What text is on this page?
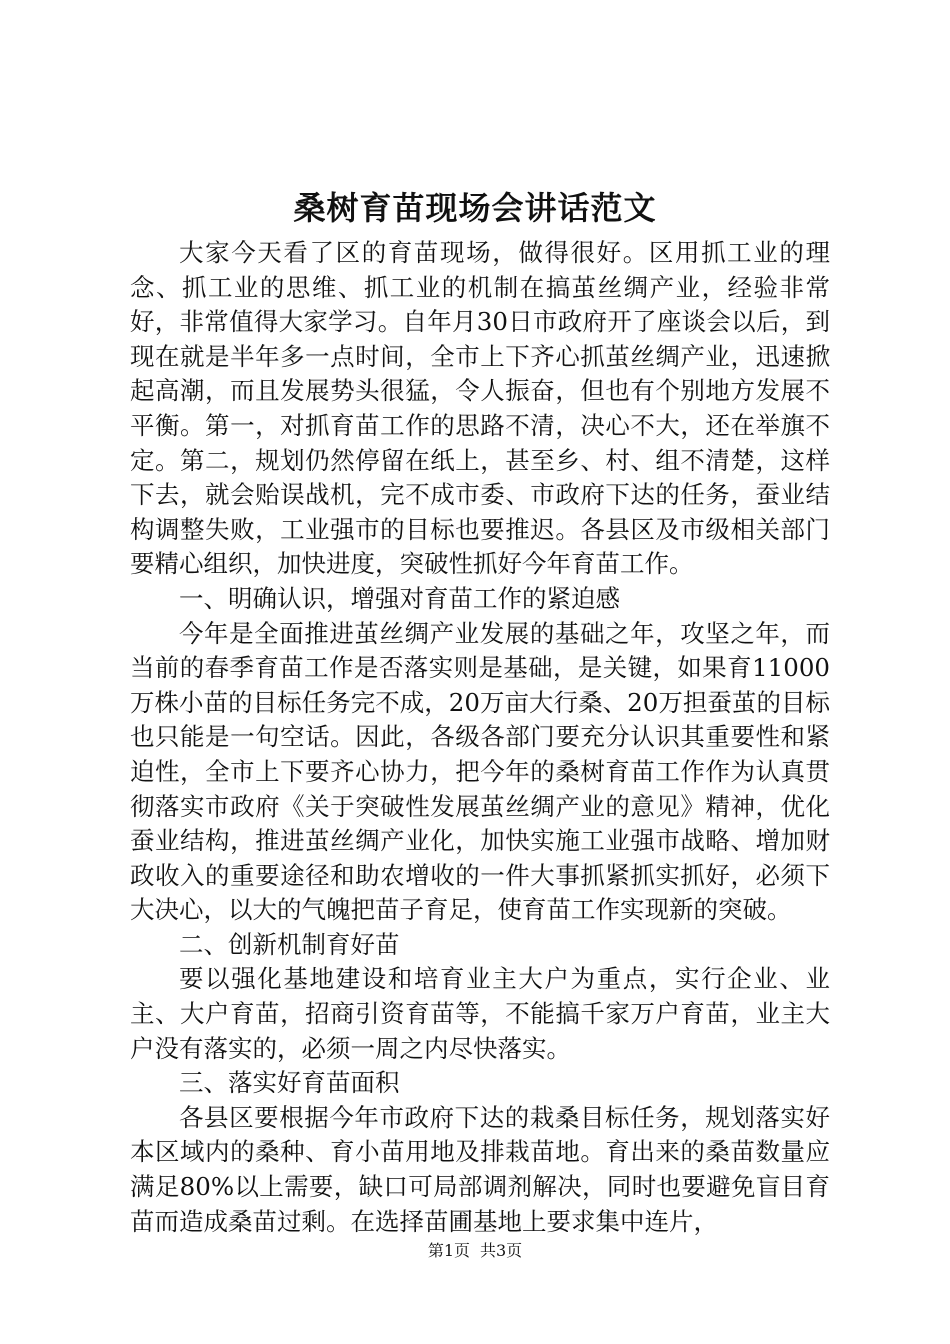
桑树育苗现场会讲话范文

大家今天看了区的育苗现场，做得很好。区用抓工业的理念、抓工业的思维、抓工业的机制在搞茧丝绸产业，经验非常好，非常值得大家学习。自年月30日市政府开了座谈会以后，到现在就是半年多一点时间，全市上下齐心抓茧丝绸产业，迅速掀起高潮，而且发展势头很猛，令人振奋，但也有个别地方发展不平衡。第一，对抓育苗工作的思路不清，决心不大，还在举旗不定。第二，规划仍然停留在纸上，甚至乡、村、组不清楚，这样下去，就会贻误战机，完不成市委、市政府下达的任务，蚕业结构调整失败，工业强市的目标也要推迟。各县区及市级相关部门要精心组织，加快进度，突破性抓好今年育苗工作。

一、明确认识，增强对育苗工作的紧迫感

今年是全面推进茧丝绸产业发展的基础之年，攻坚之年，而当前的春季育苗工作是否落实则是基础，是关键，如果育11000万株小苗的目标任务完不成，20万亩大行桑、20万担蚕茧的目标也只能是一句空话。因此，各级各部门要充分认识其重要性和紧迫性，全市上下要齐心协力，把今年的桑树育苗工作作为认真贯彻落实市政府《关于突破性发展茧丝绸产业的意见》精神，优化蚕业结构，推进茧丝绸产业化，加快实施工业强市战略、增加财政收入的重要途径和助农增收的一件大事抓紧抓实抓好，必须下大决心，以大的气魄把苗子育足，使育苗工作实现新的突破。

二、创新机制育好苗

要以强化基地建设和培育业主大户为重点，实行企业、业主、大户育苗，招商引资育苗等，不能搞千家万户育苗，业主大户没有落实的，必须一周之内尽快落实。

三、落实好育苗面积

各县区要根据今年市政府下达的栽桑目标任务，规划落实好本区域内的桑种、育小苗用地及排栽苗地。育出来的桑苗数量应满足80%以上需要，缺口可局部调剂解决，同时也要避免盲目育苗而造成桑苗过剩。在选择苗圃基地上要求集中连片，

第1页 共3页
